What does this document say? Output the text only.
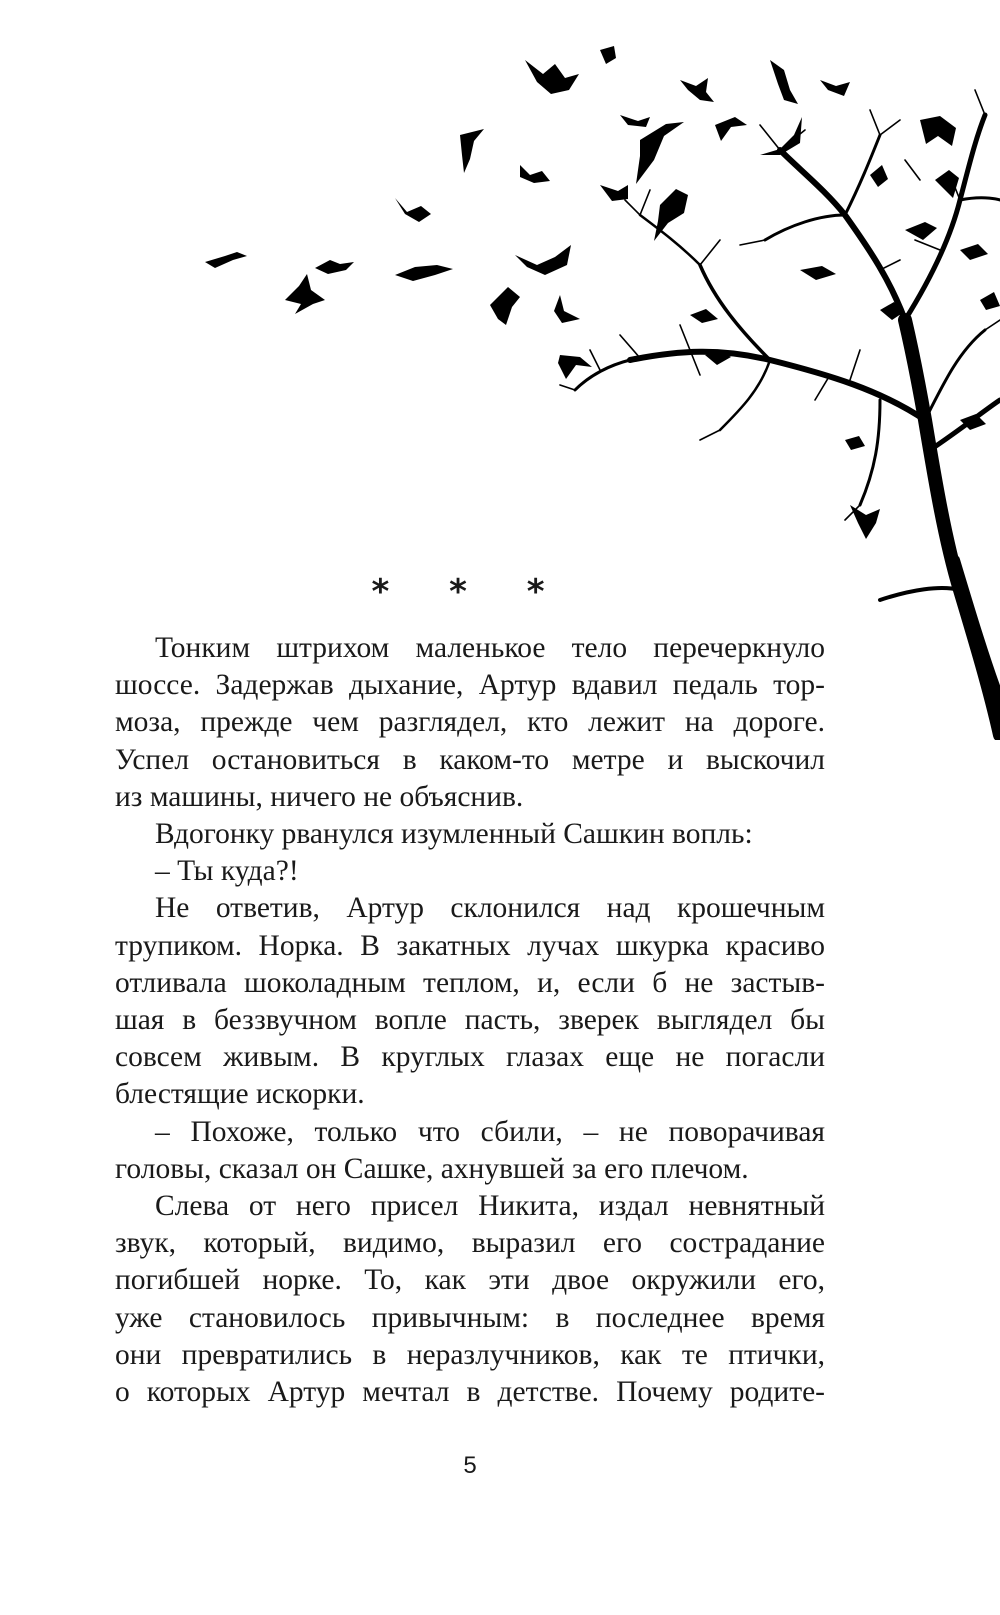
* * *

Тонким штрихом маленькое тело перечеркнуло
шоссе. Задержав дыхание, Артур вдавил педаль тор-
моза, прежде чем разглядел, кто лежит на дороге.
Успел остановиться в каком-то метре и выскочил
из машины, ничего не объяснив.

Вдогонку рванулся изумленный Сашкин вопль:

– Ты куда?!

Не ответив, Артур склонился над крошечным
трупиком. Норка. В закатных лучах шкурка красиво
отливала шоколадным теплом, и, если б не застыв-
шая в беззвучном вопле пасть, зверек выглядел бы
совсем живым. В круглых глазах еще не погасли
блестящие искорки.

– Похоже, только что сбили, – не поворачивая
головы, сказал он Сашке, ахнувшей за его плечом.

Слева от него присел Никита, издал невнятный
звук, который, видимо, выразил его сострадание
погибшей норке. То, как эти двое окружили его,
уже становилось привычным: в последнее время
они превратились в неразлучников, как те птички,
о которых Артур мечтал в детстве. Почему родите-

5
